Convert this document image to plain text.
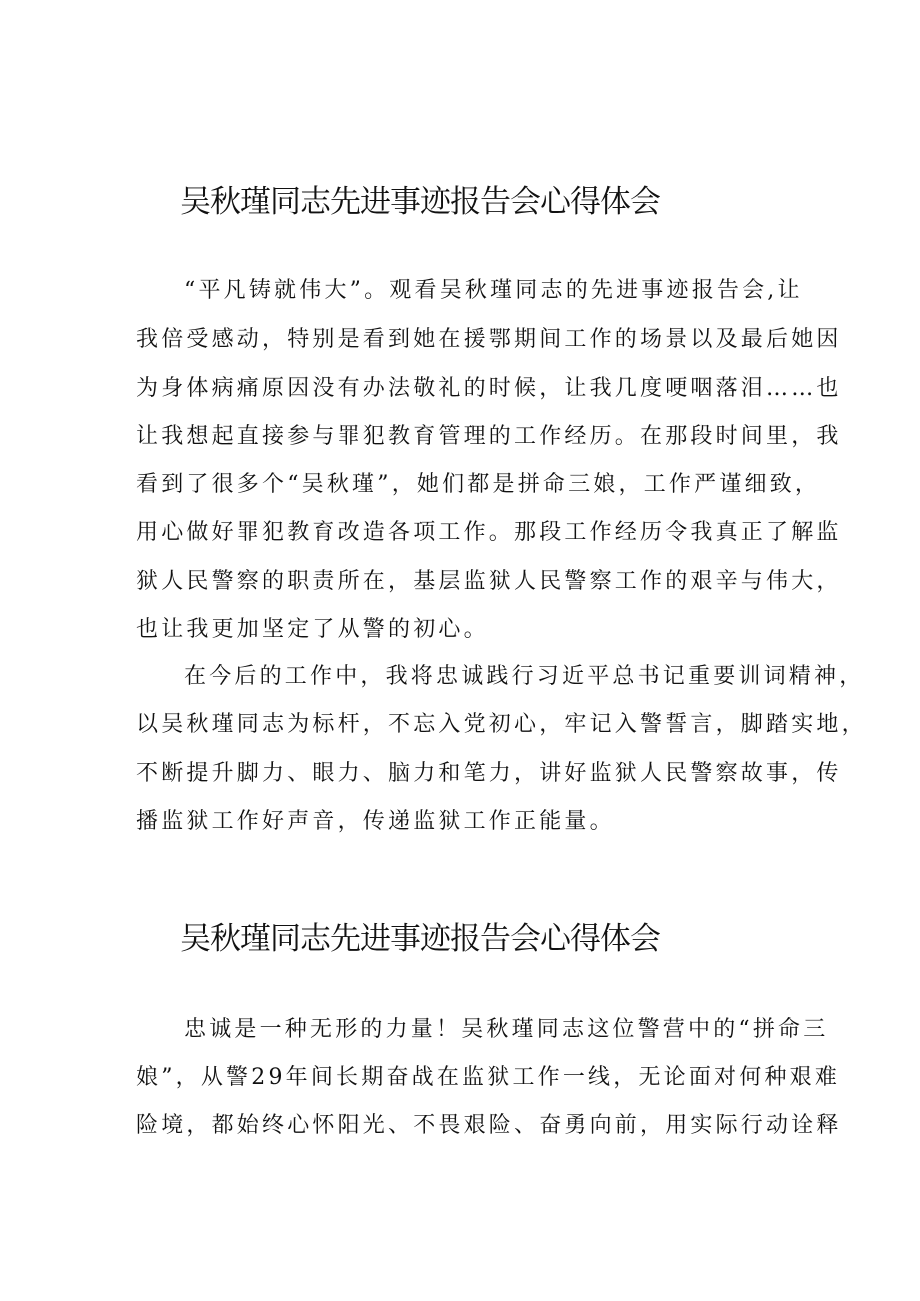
吴秋瑾同志先进事迹报告会心得体会
“平凡铸就伟大”。观看吴秋瑾同志的先进事迹报告会,让
我倍受感动，特别是看到她在援鄂期间工作的场景以及最后她因
为身体病痛原因没有办法敬礼的时候，让我几度哽咽落泪……也
让我想起直接参与罪犯教育管理的工作经历。在那段时间里，我
看到了很多个“吴秋瑾”，她们都是拼命三娘，工作严谨细致，
用心做好罪犯教育改造各项工作。那段工作经历令我真正了解监
狱人民警察的职责所在，基层监狱人民警察工作的艰辛与伟大，
也让我更加坚定了从警的初心。
在今后的工作中，我将忠诚践行习近平总书记重要训词精神，
以吴秋瑾同志为标杆，不忘入党初心，牢记入警誓言，脚踏实地，
不断提升脚力、眼力、脑力和笔力，讲好监狱人民警察故事，传
播监狱工作好声音，传递监狱工作正能量。
吴秋瑾同志先进事迹报告会心得体会
忠诚是一种无形的力量！吴秋瑾同志这位警营中的“拼命三
娘”，从警29年间长期奋战在监狱工作一线，无论面对何种艰难
险境，都始终心怀阳光、不畏艰险、奋勇向前，用实际行动诠释
